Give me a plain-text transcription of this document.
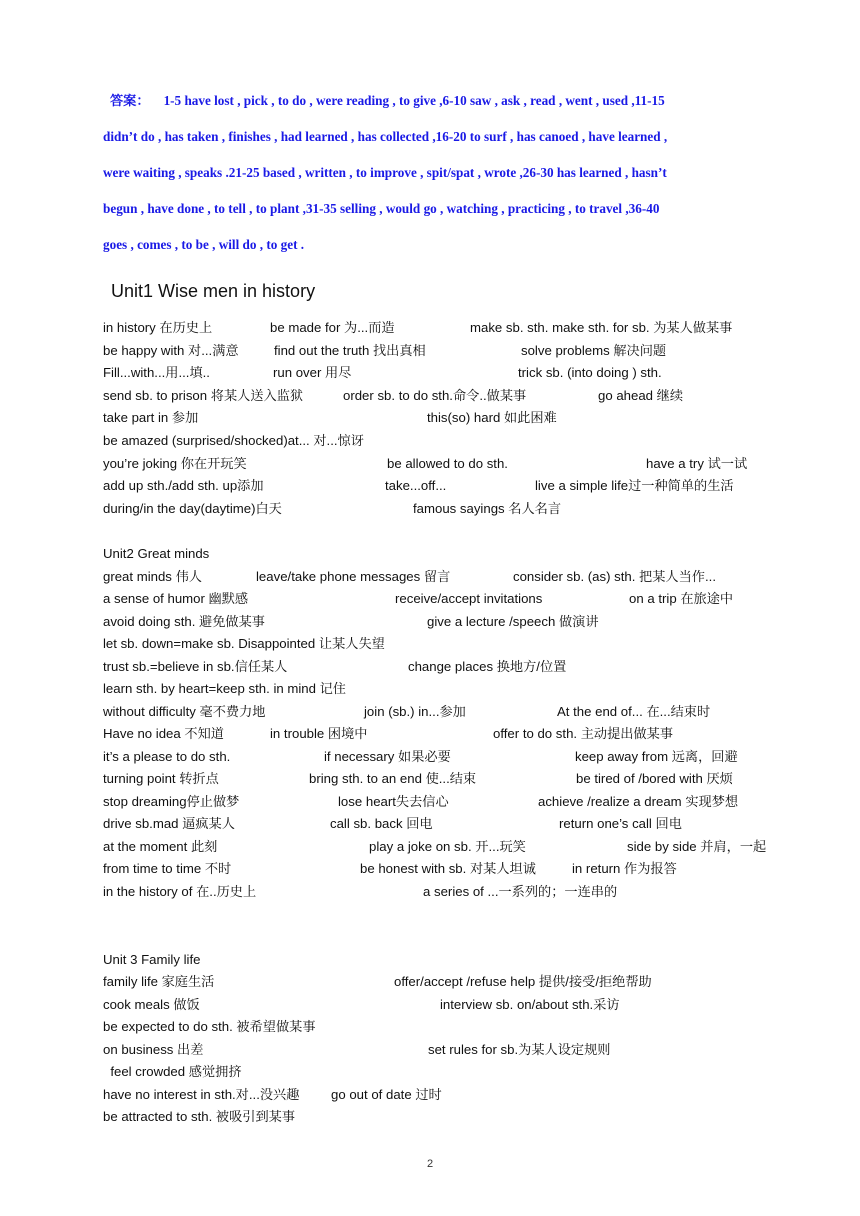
答案： 1-5 have lost , pick , to do , were reading , to give ,6-10 saw , ask , read , went , used ,11-15
didn’t do , has taken , finishes , had learned , has collected ,16-20 to surf , has canoed , have learned ,
were waiting , speaks .21-25 based , written , to improve , spit/spat , wrote ,26-30 has learned , hasn’t
begun , have done , to tell , to plant ,31-35 selling , would go , watching , practicing , to travel ,36-40
goes , comes , to be , will do , to get .
Unit1 Wise men in history
in history 在历史上	be made for 为...而造	make sb. sth. make sth. for sb. 为某人做某事
be happy with 对...满意	find out the truth 找出真相	solve problems 解决问题
Fill...with...用...填..	run over 用尽	trick sb. (into doing ) sth.
send sb. to prison 将某人送入监狱	order sb. to do sth.命令..做某事	go ahead 继续
take part in 参加	this(so) hard 如此困难
be amazed (surprised/shocked)at... 对...惊讶
you’re joking 你在开玩笑	be allowed to do sth.	have a try 试一试
add up sth./add sth. up添加	take...off...	live a simple life过一种简单的生活
during/in the day(daytime)白天	famous sayings 名人名言
Unit2 Great minds
great minds 伟人	leave/take phone messages 留言	consider sb. (as) sth. 把某人当作...
a sense of humor 幽默感	receive/accept invitations	on a trip 在旅途中
avoid doing sth. 避免做某事	give a lecture /speech 做演讲
let sb. down=make sb. Disappointed 让某人失望
trust sb.=believe in sb.信任某人	change places 换地方/位置
learn sth. by heart=keep sth. in mind 记住
without difficulty 毫不费力地	join (sb.) in...参加	At the end of... 在...结束时
Have no idea 不知道	in trouble 困境中	offer to do sth. 主动提出做某事
it’s a please to do sth.	if necessary 如果必要	keep away from 远离，回避
turning point 转折点	bring sth. to an end 使...结束	be tired of /bored with 厌烦
stop dreaming停止做梦	lose heart失去信心	achieve /realize a dream 实现梦想
drive sb.mad 逼疯某人	call sb. back 回电	return one’s call 回电
at the moment 此刻	play a joke on sb. 开...玩笑	side by side 并肩，一起
from time to time 不时	be honest with sb. 对某人坦诚	in return 作为报答
in the history of 在..历史上	a series of ...一系列的；一连串的
Unit 3 Family life
family life 家庭生活	offer/accept /refuse help 提供/接受/拒绝帮助
cook meals 做饭	interview sb. on/about sth.采访
be expected to do sth. 被希望做某事
on business 出差	set rules for sb.为某人设定规则
feel crowded 感觉拥挤
have no interest in sth.对...没兴趣 go out of date 过时
be attracted to sth. 被吸引到某事
2
